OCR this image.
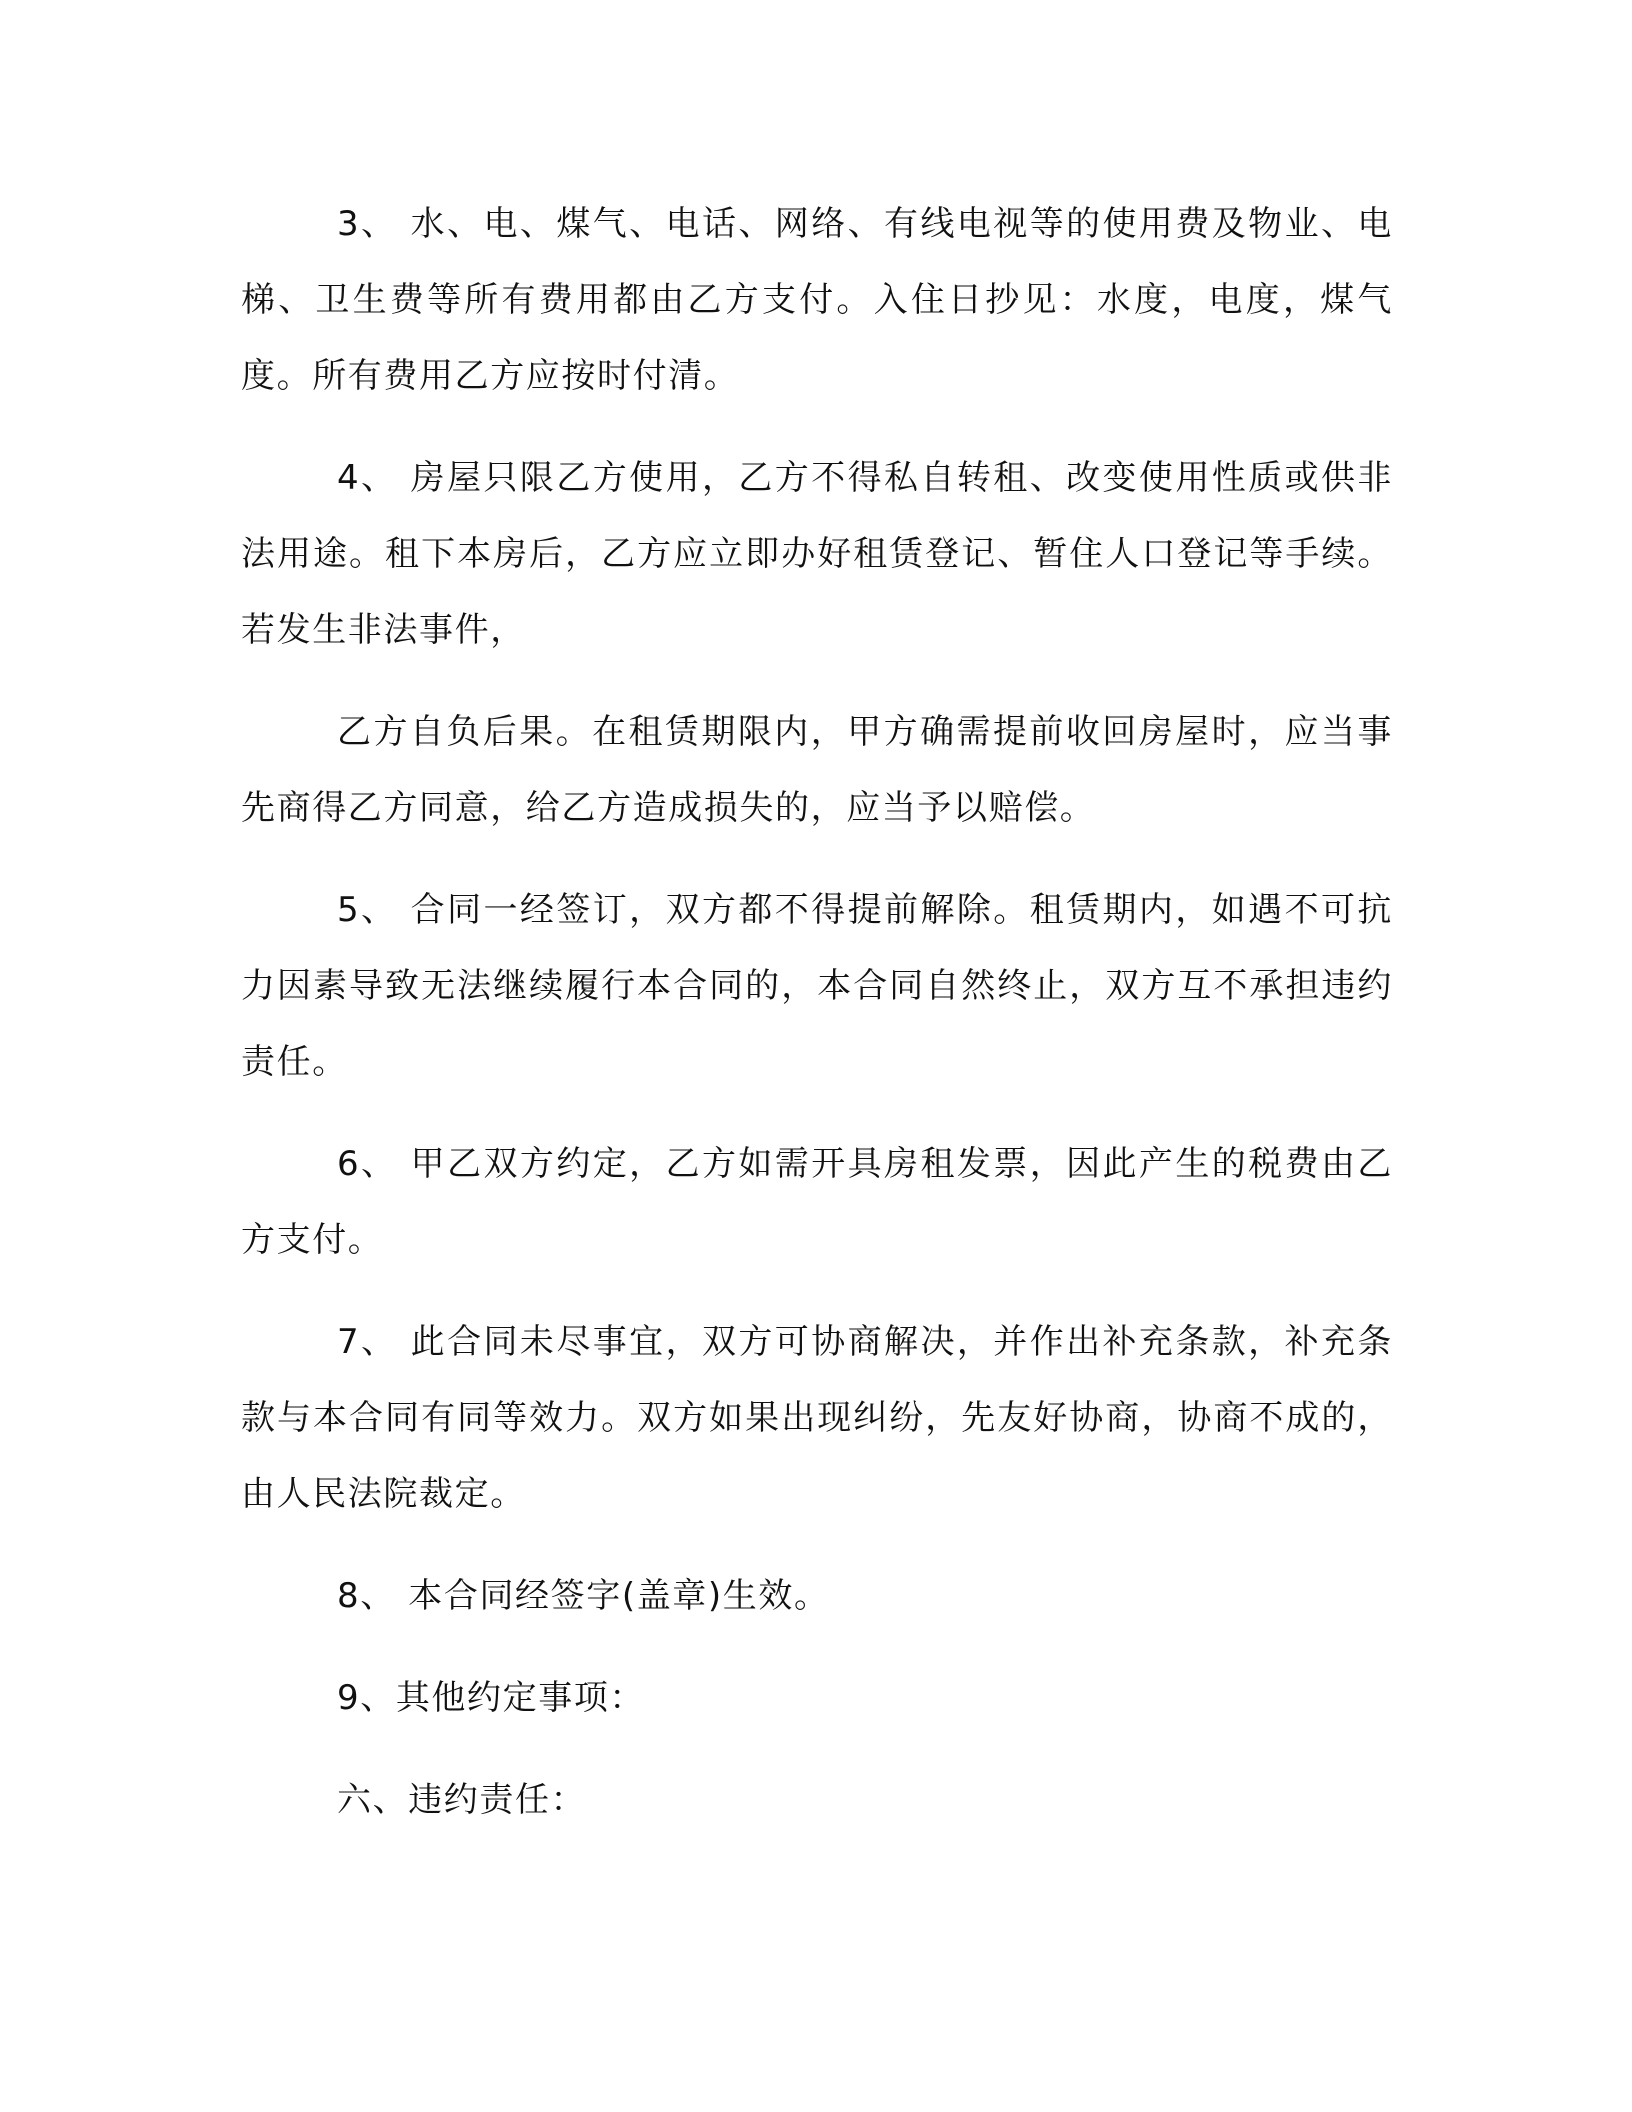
3、 水、电、煤气、电话、网络、有线电视等的使用费及物业、电梯、卫生费等所有费用都由乙方支付。入住日抄见：水度，电度，煤气度。所有费用乙方应按时付清。

4、 房屋只限乙方使用，乙方不得私自转租、改变使用性质或供非法用途。租下本房后，乙方应立即办好租赁登记、暂住人口登记等手续。若发生非法事件，

乙方自负后果。在租赁期限内，甲方确需提前收回房屋时，应当事先商得乙方同意，给乙方造成损失的，应当予以赔偿。

5、 合同一经签订，双方都不得提前解除。租赁期内，如遇不可抗力因素导致无法继续履行本合同的，本合同自然终止，双方互不承担违约责任。

6、 甲乙双方约定，乙方如需开具房租发票，因此产生的税费由乙方支付。

7、 此合同未尽事宜，双方可协商解决，并作出补充条款，补充条款与本合同有同等效力。双方如果出现纠纷，先友好协商，协商不成的，由人民法院裁定。

8、 本合同经签字(盖章)生效。

9、其他约定事项：

六、违约责任：
